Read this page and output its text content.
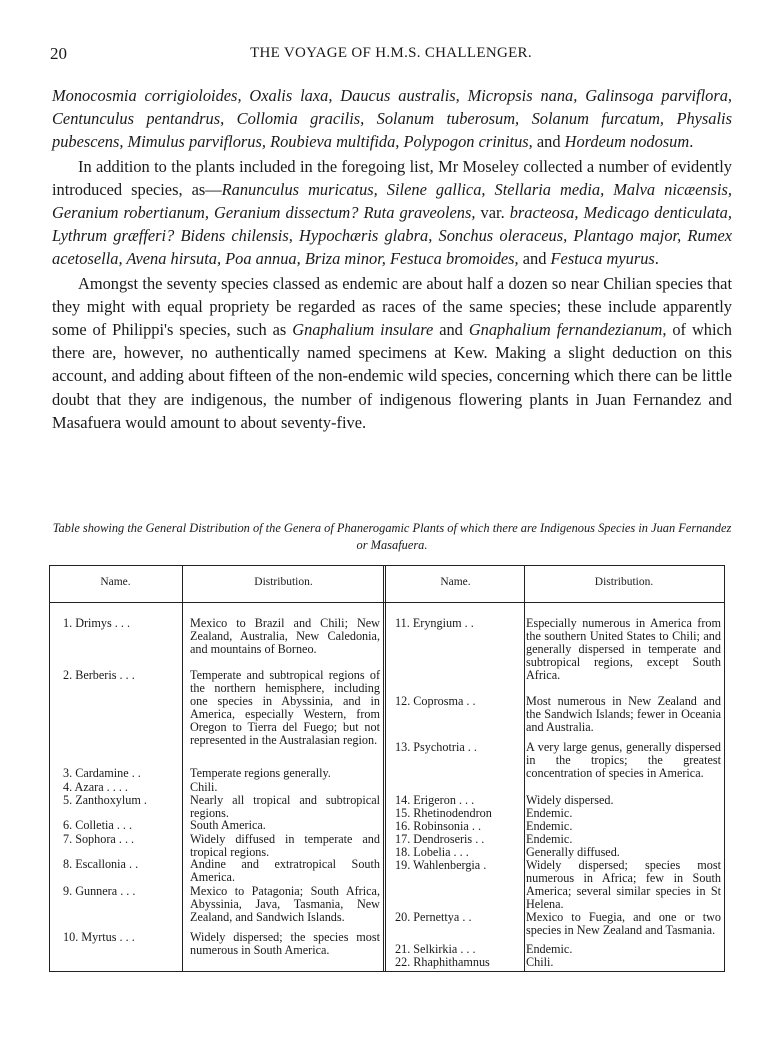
20	THE VOYAGE OF H.M.S. CHALLENGER.

Monocosmia corrigioloides, Oxalis laxa, Daucus australis, Micropsis nana, Galinsoga parviflora, Centunculus pentandrus, Collomia gracilis, Solanum tuberosum, Solanum furcatum, Physalis pubescens, Mimulus parviflorus, Roubieva multifida, Polypogon crinitus, and Hordeum nodosum.

In addition to the plants included in the foregoing list, Mr Moseley collected a number of evidently introduced species, as—Ranunculus muricatus, Silene gallica, Stellaria media, Malva nicæensis, Geranium robertianum, Geranium dissectum? Ruta graveolens, var. bracteosa, Medicago denticulata, Lythrum græfferi? Bidens chilensis, Hypochæris glabra, Sonchus oleraceus, Plantago major, Rumex acetosella, Avena hirsuta, Poa annua, Briza minor, Festuca bromoides, and Festuca myurus.

Amongst the seventy species classed as endemic are about half a dozen so near Chilian species that they might with equal propriety be regarded as races of the same species; these include apparently some of Philippi's species, such as Gnaphalium insulare and Gnaphalium fernandezianum, of which there are, however, no authentically named specimens at Kew. Making a slight deduction on this account, and adding about fifteen of the non-endemic wild species, concerning which there can be little doubt that they are indigenous, the number of indigenous flowering plants in Juan Fernandez and Masafuera would amount to about seventy-five.

Table showing the General Distribution of the Genera of Phanerogamic Plants of which there are Indigenous Species in Juan Fernandez or Masafuera.
Name.	Distribution.	Name.	Distribution.
1. Drimys . . .	Mexico to Brazil and Chili; New Zealand, Australia, New Caledonia, and mountains of Borneo.
2. Berberis . . .	Temperate and subtropical regions of the northern hemisphere, including one species in Abyssinia, and in America, especially Western, from Oregon to Tierra del Fuego; but not represented in the Australasian region.
3. Cardamine . .	Temperate regions generally.
4. Azara . . . .	Chili.
5. Zanthoxylum .	Nearly all tropical and subtropical regions.
6. Colletia . . .	South America.
7. Sophora . . .	Widely diffused in temperate and tropical regions.
8. Escallonia . .	Andine and extratropical South America.
9. Gunnera . . .	Mexico to Patagonia; South Africa, Abyssinia, Java, Tasmania, New Zealand, and Sandwich Islands.
10. Myrtus . . .	Widely dispersed; the species most numerous in South America.
11. Eryngium . .	Especially numerous in America from the southern United States to Chili; and generally dispersed in temperate and subtropical regions, except South Africa.
12. Coprosma . .	Most numerous in New Zealand and the Sandwich Islands; fewer in Oceania and Australia.
13. Psychotria . .	A very large genus, generally dispersed in the tropics; the greatest concentration of species in America.
14. Erigeron . . .	Widely dispersed.
15. Rhetinodendron	Endemic.
16. Robinsonia . .	Endemic.
17. Dendroseris . .	Endemic.
18. Lobelia . . .	Generally diffused.
19. Wahlenbergia .	Widely dispersed; species most numerous in Africa; few in South America; several similar species in St Helena.
20. Pernettya . .	Mexico to Fuegia, and one or two species in New Zealand and Tasmania.
21. Selkirkia . . .	Endemic.
22. Rhaphithamnus	Chili.
